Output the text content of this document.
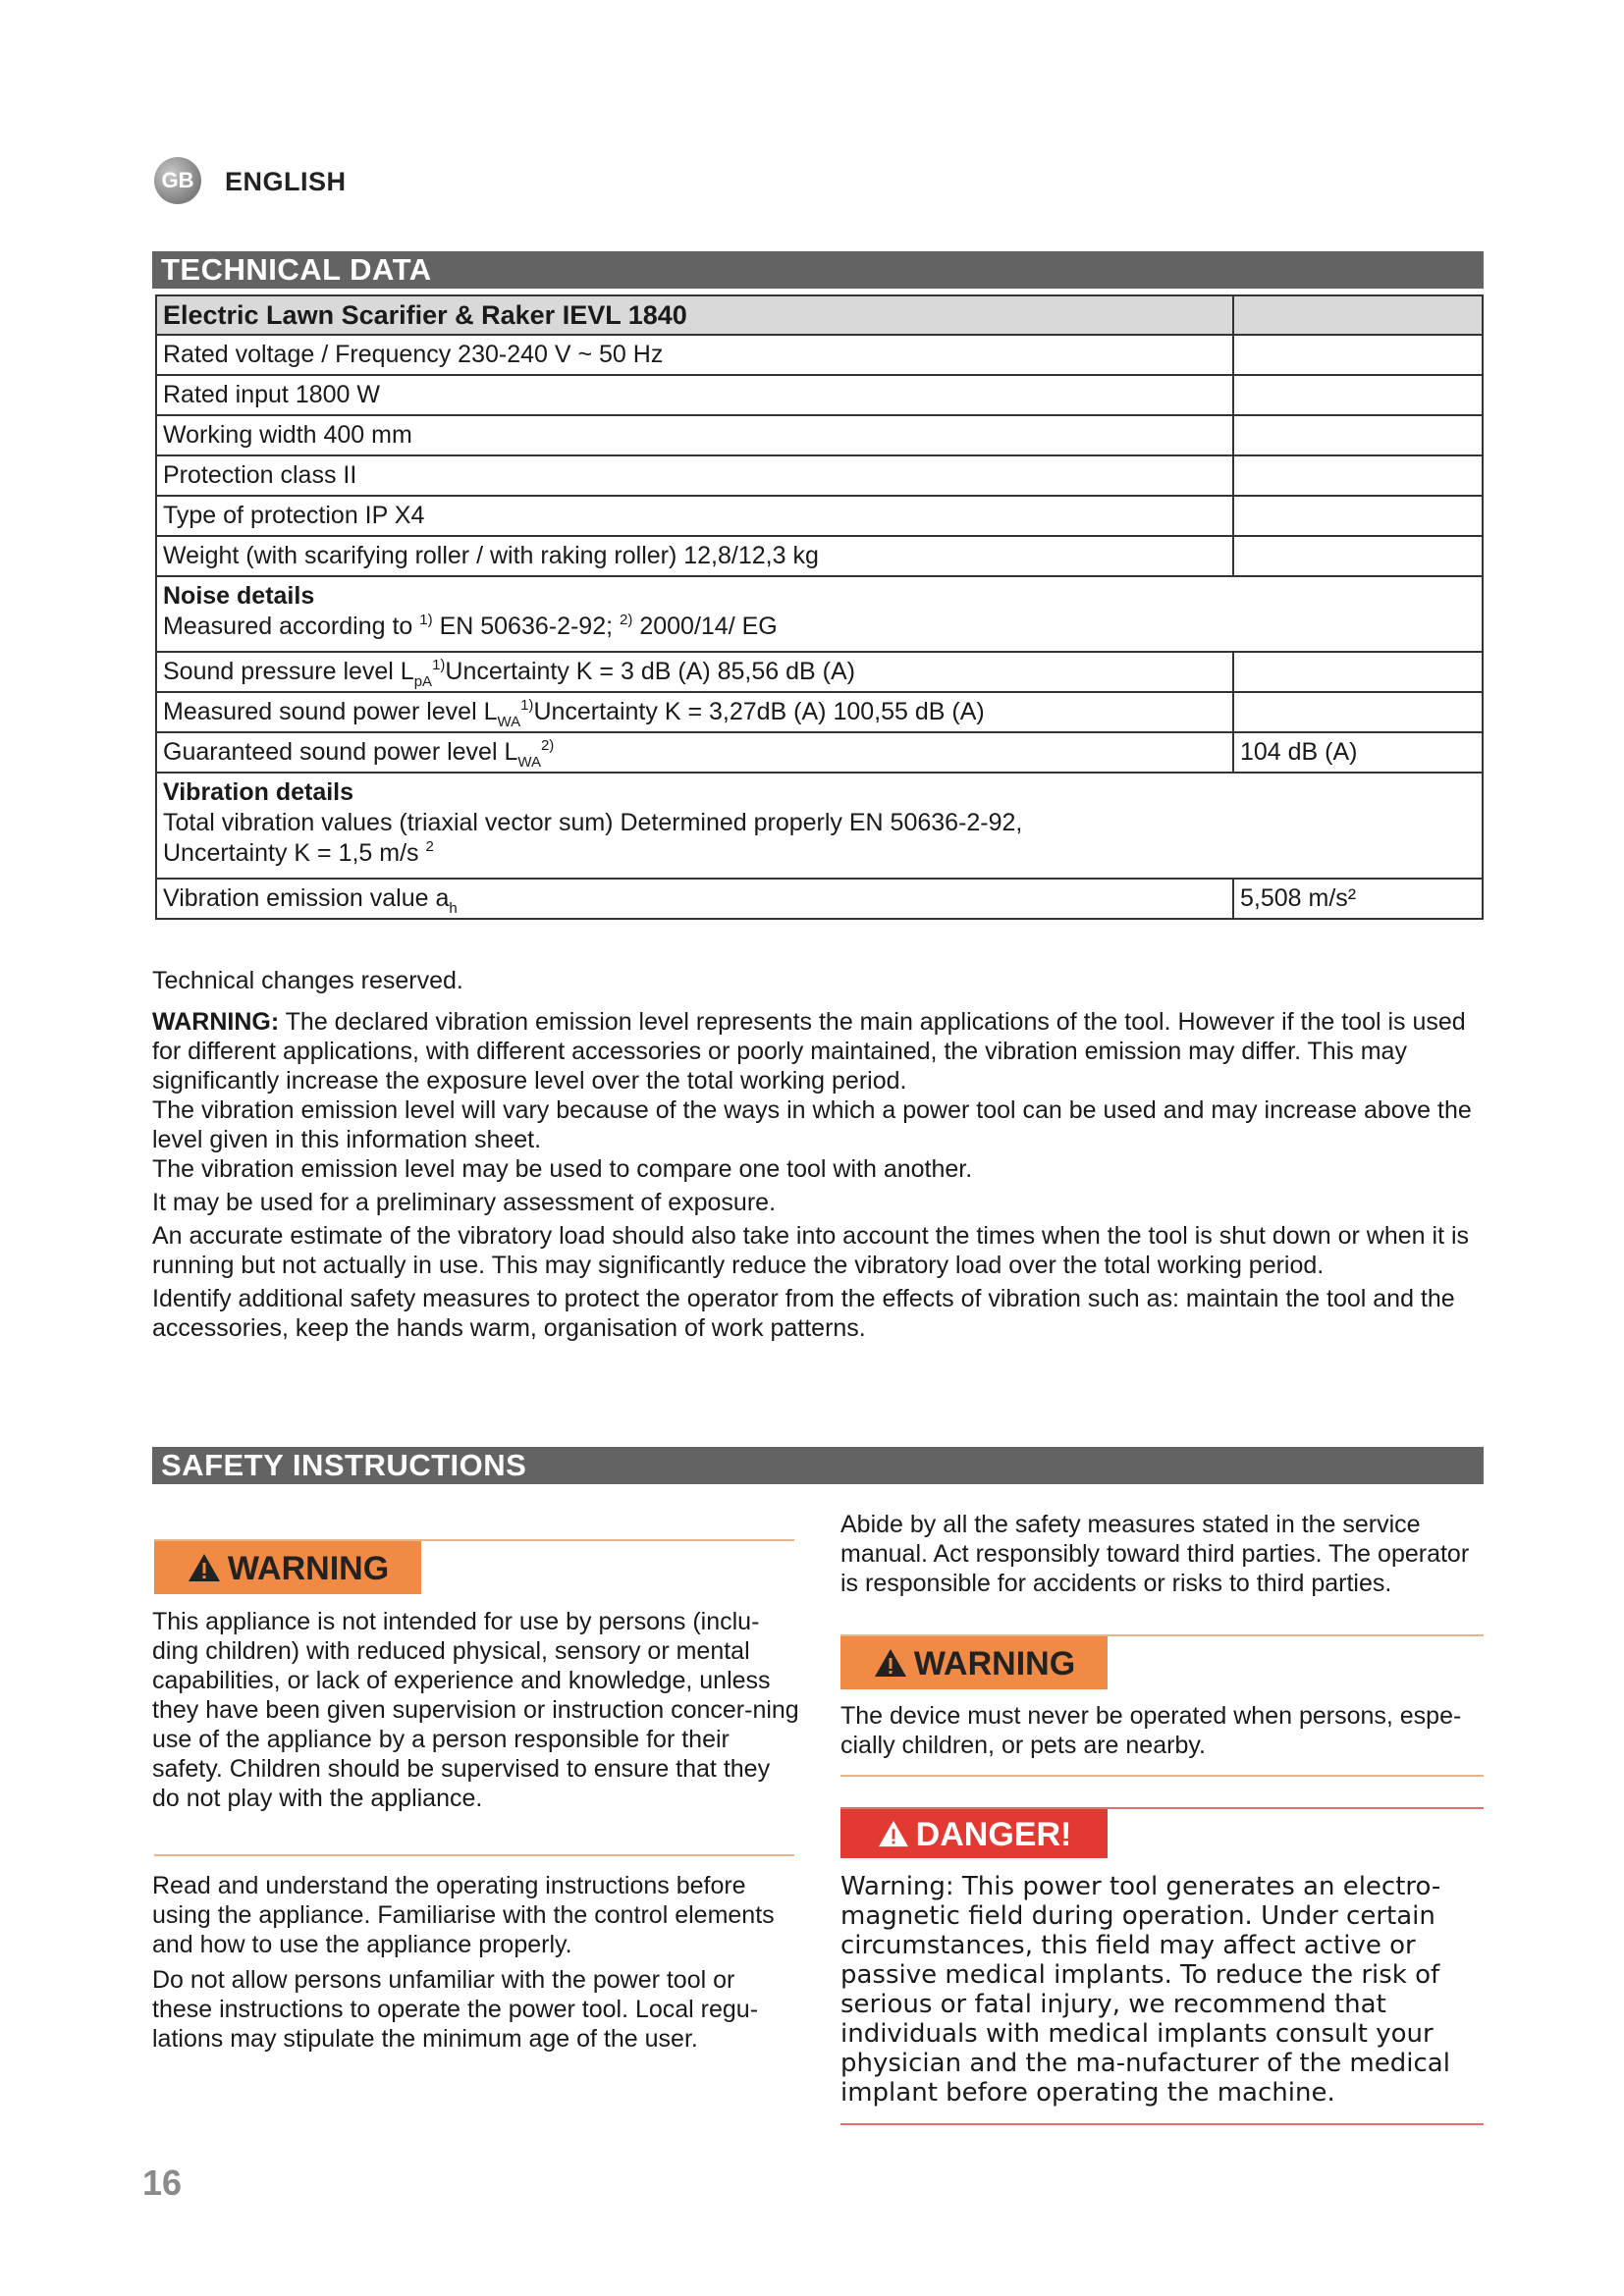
GB ENGLISH
TECHNICAL DATA
Electric Lawn Scarifier & Raker IEVL 1840	
Rated voltage / Frequency 230-240 V ~ 50 Hz	
Rated input 1800 W	
Working width 400 mm	
Protection class II	
Type of protection IP X4	
Weight (with scarifying roller / with raking roller) 12,8/12,3 kg	

Noise details
Measured according to $^{1)}$ EN 50636-2-92; $^{2)}$ 2000/14/ EG	

Sound pressure level $L_{pA}^{1)}Uncertainty$ K = 3 dB (A) 85,56 dB (A)	
Measured sound power level $L_{WA}^{1)}Uncertainty$ K = 3,27dB (A) 100,55 dB (A)	
Guaranteed sound power level $L_{WA}^{2)}$	104 dB (A)

Vibration details
Total vibration values (triaxial vector sum) Determined properly EN 50636-2-92,
Uncertainty K = 1,5 m/s $^2$

Vibration emission value $a_h$	5,508 m/s²

Technical changes reserved.

WARNING: The declared vibration emission level represents the main applications of the tool. However if the tool is used for different applications, with different accessories or poorly maintained, the vibration emission may differ. This may significantly increase the exposure level over the total working period.

The vibration emission level will vary because of the ways in which a power tool can be used and may increase above the level given in this information sheet.

The vibration emission level may be used to compare one tool with another.

It may be used for a preliminary assessment of exposure.

An accurate estimate of the vibratory load should also take into account the times when the tool is shut down or when it is running but not actually in use. This may significantly reduce the vibratory load over the total working period.

Identify additional safety measures to protect the operator from the effects of vibration such as: maintain the tool and the accessories, keep the hands warm, organisation of work patterns.

SAFETY INSTRUCTIONS
WARNING
This appliance is not intended for use by persons (inclu-ding children) with reduced physical, sensory or mental capabilities, or lack of experience and knowledge, unless they have been given supervision or instruction concer-ning use of the appliance by a person responsible for their safety. Children should be supervised to ensure that they do not play with the appliance.

Read and understand the operating instructions before using the appliance. Familiarise with the control elements and how to use the appliance properly.

Do not allow persons unfamiliar with the power tool or these instructions to operate the power tool. Local regu-lations may stipulate the minimum age of the user.

Abide by all the safety measures stated in the service manual. Act responsibly toward third parties. The operator is responsible for accidents or risks to third parties.
WARNING
The device must never be operated when persons, espe-cially children, or pets are nearby.
DANGER!
Warning: This power tool generates an electro-magnetic field during operation. Under certain circumstances, this field may affect active or passive medical implants. To reduce the risk of serious or fatal injury, we recommend that individuals with medical implants consult your physician and the ma-nufacturer of the medical implant before operating the machine.
16
